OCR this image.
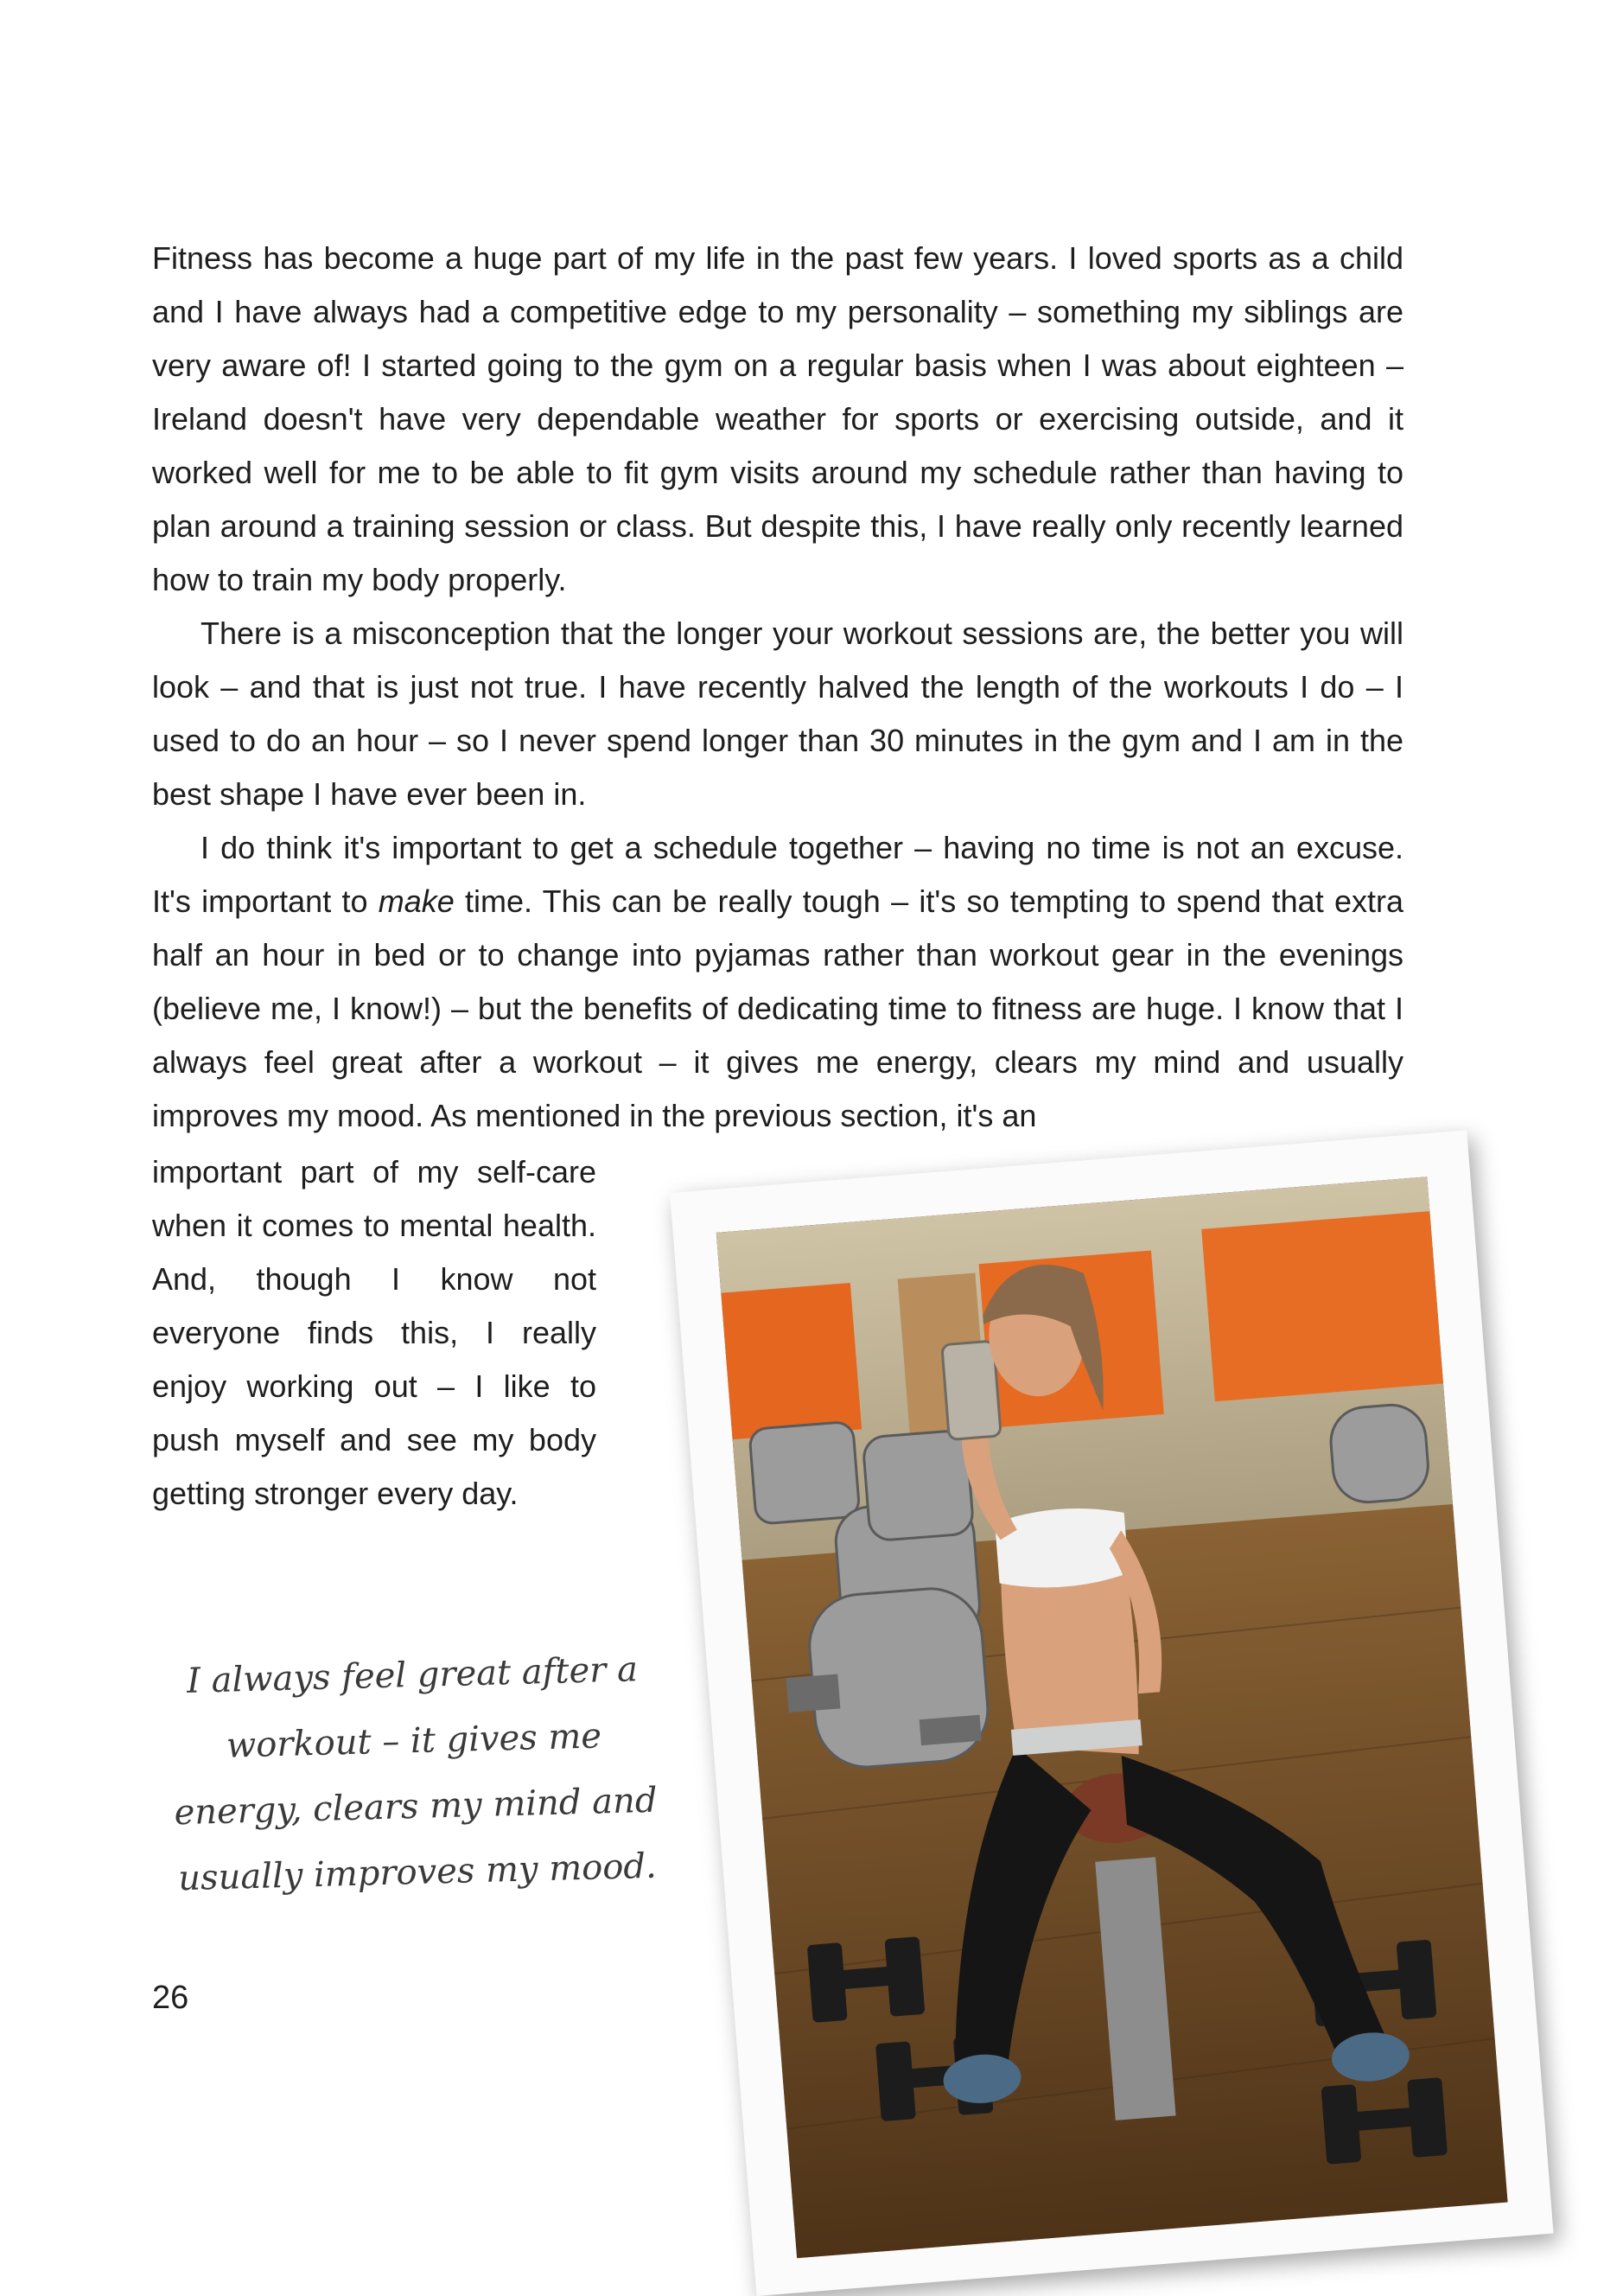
Fitness has become a huge part of my life in the past few years. I loved sports as a child and I have always had a competitive edge to my personality – something my siblings are very aware of! I started going to the gym on a regular basis when I was about eighteen – Ireland doesn't have very dependable weather for sports or exercising outside, and it worked well for me to be able to fit gym visits around my schedule rather than having to plan around a training session or class. But despite this, I have really only recently learned how to train my body properly.

There is a misconception that the longer your workout sessions are, the better you will look – and that is just not true. I have recently halved the length of the workouts I do – I used to do an hour – so I never spend longer than 30 minutes in the gym and I am in the best shape I have ever been in.

I do think it's important to get a schedule together – having no time is not an excuse. It's important to make time. This can be really tough – it's so tempting to spend that extra half an hour in bed or to change into pyjamas rather than workout gear in the evenings (believe me, I know!) – but the benefits of dedicating time to fitness are huge. I know that I always feel great after a workout – it gives me energy, clears my mind and usually improves my mood. As mentioned in the previous section, it's an

important part of my self-care when it comes to mental health. And, though I know not everyone finds this, I really enjoy working out – I like to push myself and see my body getting stronger every day.

I always feel great after a workout – it gives me energy, clears my mind and usually improves my mood.
26
